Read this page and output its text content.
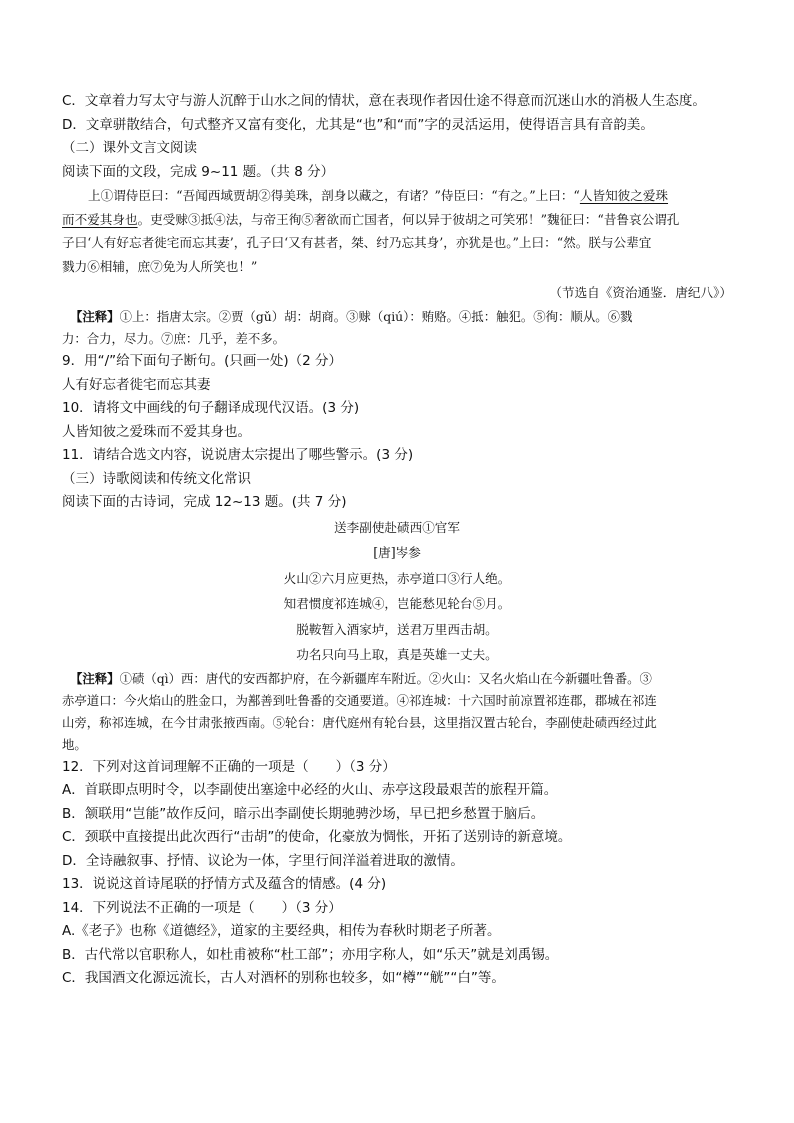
C．文章着力写太守与游人沉醉于山水之间的情状，意在表现作者因仕途不得意而沉迷山水的消极人生态度。
D．文章骈散结合，句式整齐又富有变化，尤其是“也”和“而”字的灵活运用，使得语言具有音韵美。
（二）课外文言文阅读
阅读下面的文段，完成 9~11 题。（共 8 分）
上①谓侍臣曰：“吾闻西域贾胡②得美珠，剖身以藏之，有诸？”侍臣曰：“有之。”上曰：“人皆知彼之爱珠
而不爱其身也。吏受赇③抵④法，与帝王徇⑤奢欲而亡国者，何以异于彼胡之可笑邪！”魏征曰：“昔鲁哀公谓孔
子曰‘人有好忘者徙宅而忘其妻’，孔子曰‘又有甚者，桀、纣乃忘其身’，亦犹是也。”上曰：“然。朕与公辈宜
戮力⑥相辅，庶⑦免为人所笑也！”
（节选自《资治通鉴．唐纪八》）
【注释】①上：指唐太宗。②贾（gǔ）胡：胡商。③赇（qiú）：贿赂。④抵：触犯。⑤徇：顺从。⑥戮
力：合力，尽力。⑦庶：几乎，差不多。
9．用“/”给下面句子断句。(只画一处)（2 分）
人有好忘者徙宅而忘其妻
10．请将文中画线的句子翻译成现代汉语。(3 分)
人皆知彼之爱珠而不爱其身也。
11．请结合选文内容，说说唐太宗提出了哪些警示。(3 分)
（三）诗歌阅读和传统文化常识
阅读下面的古诗词，完成 12~13 题。(共 7 分)
送李副使赴碛西①官军
[唐]岑参
火山②六月应更热，赤亭道口③行人绝。
知君惯度祁连城④，岂能愁见轮台⑤月。
脱鞍暂入酒家垆，送君万里西击胡。
功名只向马上取，真是英雄一丈夫。
【注释】①碛（qì）西：唐代的安西都护府，在今新疆库车附近。②火山：又名火焰山在今新疆吐鲁番。③
赤亭道口：今火焰山的胜金口，为鄯善到吐鲁番的交通要道。④祁连城：十六国时前凉置祁连郡，郡城在祁连
山旁，称祁连城，在今甘肃张掖西南。⑤轮台：唐代庭州有轮台县，这里指汉置古轮台，李副使赴碛西经过此
地。
12．下列对这首词理解不正确的一项是（　　）（3 分）
A．首联即点明时令，以李副使出塞途中必经的火山、赤亭这段最艰苦的旅程开篇。
B．颔联用“岂能”故作反问，暗示出李副使长期驰骋沙场，早已把乡愁置于脑后。
C．颈联中直接提出此次西行“击胡”的使命，化豪放为惆怅，开拓了送别诗的新意境。
D．全诗融叙事、抒情、议论为一体，字里行间洋溢着进取的激情。
13．说说这首诗尾联的抒情方式及蕴含的情感。(4 分)
14．下列说法不正确的一项是（　　）（3 分）
A.《老子》也称《道德经》，道家的主要经典，相传为春秋时期老子所著。
B．古代常以官职称人，如杜甫被称“杜工部”；亦用字称人，如“乐天”就是刘禹锡。
C．我国酒文化源远流长，古人对酒杯的别称也较多，如“樽”“觥”“白”等。
